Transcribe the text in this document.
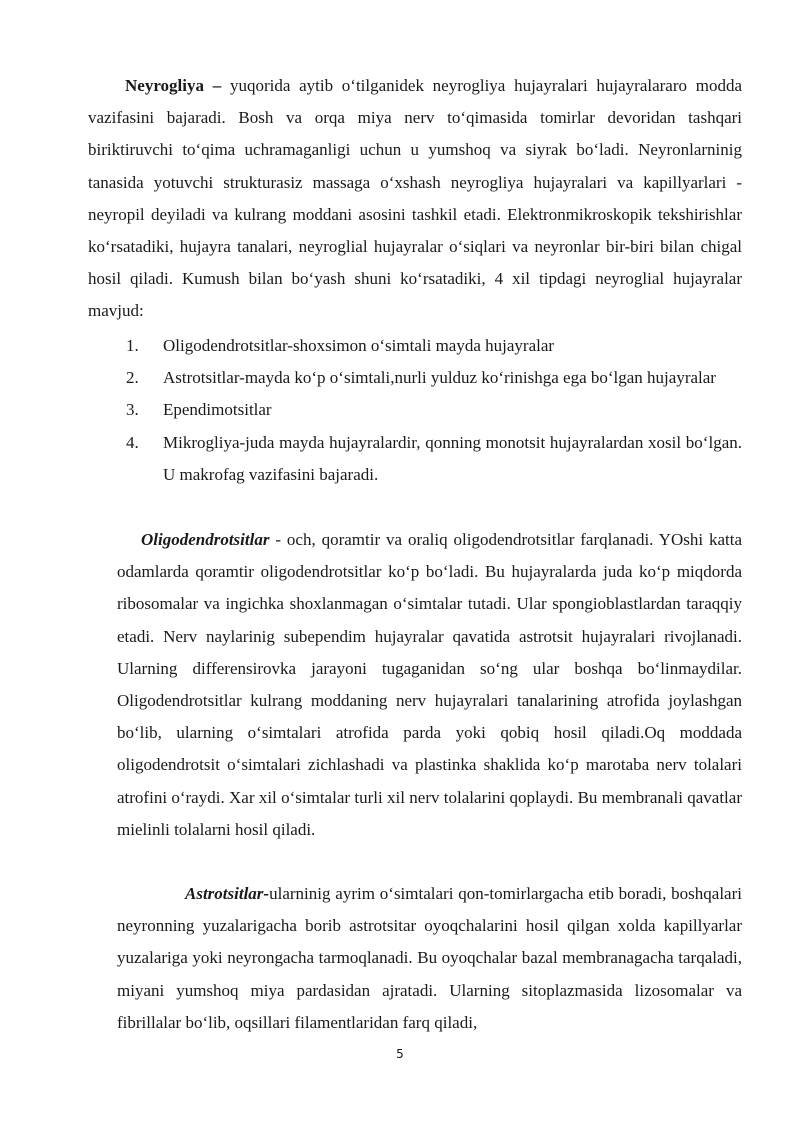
Neyrogliya – yuqorida aytib o‘tilganidek neyrogliya hujayralari hujayralararo modda vazifasini bajaradi. Bosh va orqa miya nerv to‘qimasida tomirlar devoridan tashqari biriktiruvchi to‘qima uchramaganligi uchun u yumshoq va siyrak bo‘ladi. Neyronlarninig tanasida yotuvchi strukturasiz massaga o‘xshash neyrogliya hujayralari va kapillyarlari - neyropil deyiladi va kulrang moddani asosini tashkil etadi. Elektronmikroskopik tekshirishlar ko‘rsatadiki, hujayra tanalari, neyroglial hujayralar o‘siqlari va neyronlar bir-biri bilan chigal hosil qiladi. Kumush bilan bo‘yash shuni ko‘rsatadiki, 4 xil tipdagi neyroglial hujayralar mavjud:

1. Oligodendrotsitlar-shoxsimon o‘simtali mayda hujayralar
2. Astrotsitlar-mayda ko‘p o‘simtali,nurli yulduz ko‘rinishga ega bo‘lgan hujayralar
3. Ependimotsitlar
4. Mikrogliya-juda mayda hujayralardir, qonning monotsit hujayralardan xosil bo‘lgan. U makrofag vazifasini bajaradi.

Oligodendrotsitlar - och, qoramtir va oraliq oligodendrotsitlar farqlanadi. YOshi katta odamlarda qoramtir oligodendrotsitlar ko‘p bo‘ladi. Bu hujayralarda juda ko‘p miqdorda ribosomalar va ingichka shoxlanmagan o‘simtalar tutadi. Ular spongioblastlardan taraqqiy etadi. Nerv naylarinig subependim hujayralar qavatida astrotsit hujayralari rivojlanadi. Ularning differensirovka jarayoni tugaganidan so‘ng ular boshqa bo‘linmaydilar. Oligodendrotsitlar kulrang moddaning nerv hujayralari tanalarining atrofida joylashgan bo‘lib, ularning o‘simtalari atrofida parda yoki qobiq hosil qiladi.Oq moddada oligodendrotsit o‘simtalari zichlashadi va plastinka shaklida ko‘p marotaba nerv tolalari atrofini o‘raydi. Xar xil o‘simtalar turli xil nerv tolalarini qoplaydi. Bu membranali qavatlar mielinli tolalarni hosil qiladi.

Astrotsitlar-ularninig ayrim o‘simtalari qon-tomirlargacha etib boradi, boshqalari neyronning yuzalarigacha borib astrotsitar oyoqchalarini hosil qilgan xolda kapillyarlar yuzalariga yoki neyrongacha tarmoqlanadi. Bu oyoqchalar bazal membranagacha tarqaladi, miyani yumshoq miya pardasidan ajratadi. Ularning sitoplazmasida lizosomalar va fibrillalar bo‘lib, oqsillari filamentlaridan farq qiladi,

5
